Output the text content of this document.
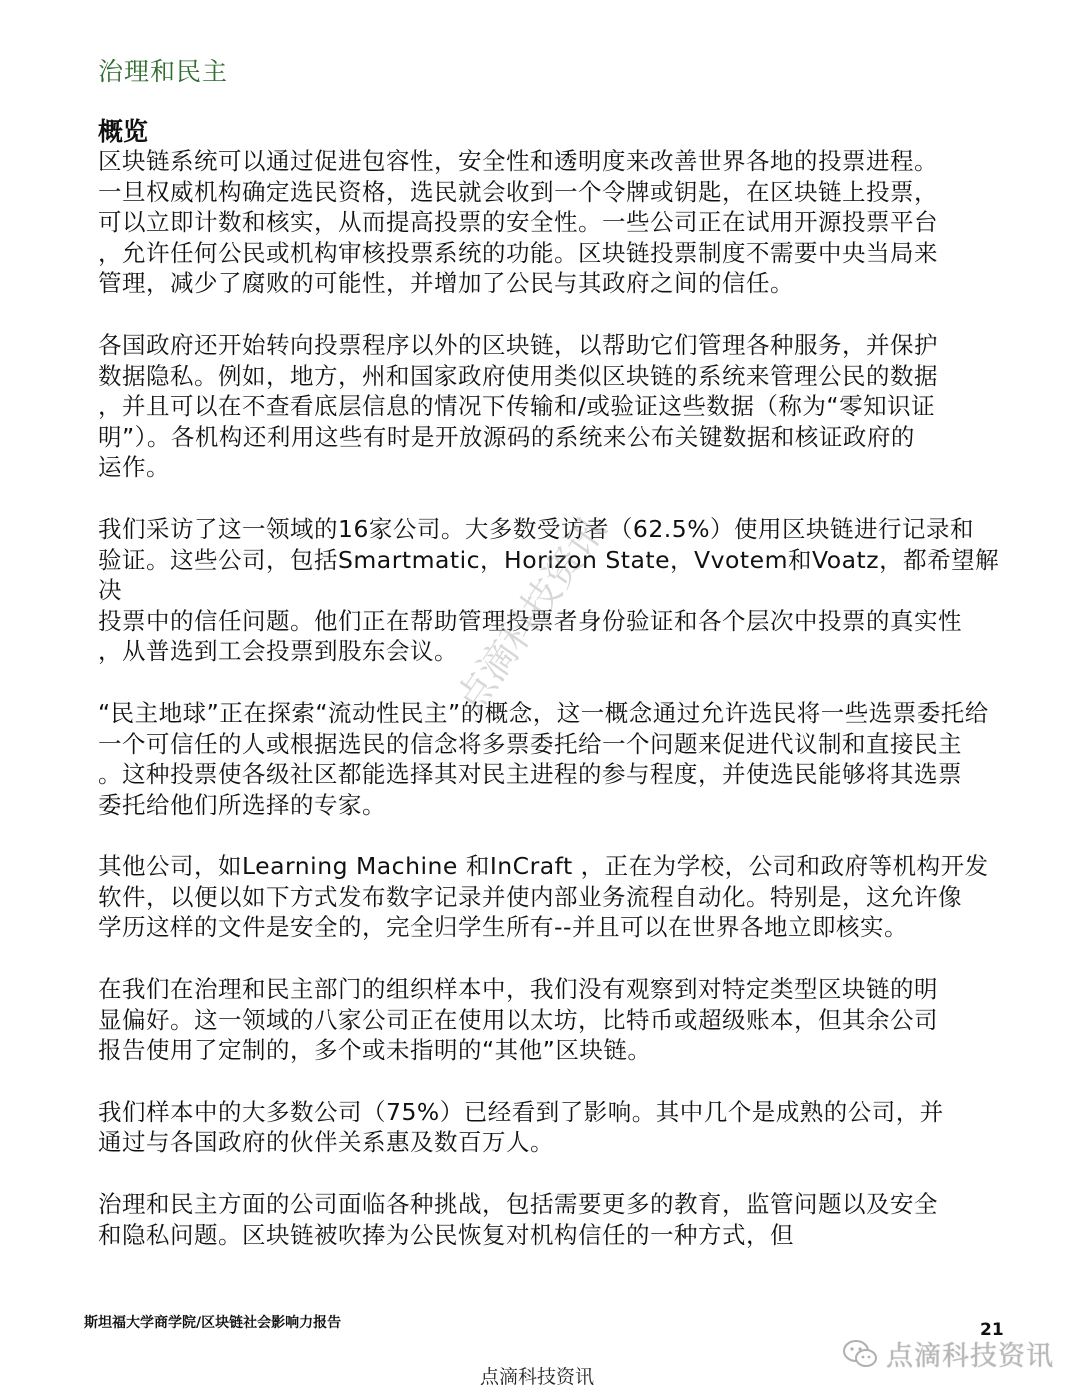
治理和民主
概览

区块链系统可以通过促进包容性，安全性和透明度来改善世界各地的投票进程。
一旦权威机构确定选民资格，选民就会收到一个令牌或钥匙，在区块链上投票，
可以立即计数和核实，从而提高投票的安全性。一些公司正在试用开源投票平台
，允许任何公民或机构审核投票系统的功能。区块链投票制度不需要中央当局来
管理，减少了腐败的可能性，并增加了公民与其政府之间的信任。

各国政府还开始转向投票程序以外的区块链，以帮助它们管理各种服务，并保护
数据隐私。例如，地方，州和国家政府使用类似区块链的系统来管理公民的数据
，并且可以在不查看底层信息的情况下传输和/或验证这些数据（称为“零知识证
明”）。各机构还利用这些有时是开放源码的系统来公布关键数据和核证政府的
运作。

我们采访了这一领域的16家公司。大多数受访者（62.5%）使用区块链进行记录和
验证。这些公司，包括Smartmatic，Horizon State，Vvotem和Voatz，都希望解决
投票中的信任问题。他们正在帮助管理投票者身份验证和各个层次中投票的真实性
，从普选到工会投票到股东会议。

“民主地球”正在探索“流动性民主”的概念，这一概念通过允许选民将一些选票委托给
一个可信任的人或根据选民的信念将多票委托给一个问题来促进代议制和直接民主
。这种投票使各级社区都能选择其对民主进程的参与程度，并使选民能够将其选票
委托给他们所选择的专家。

其他公司，如Learning Machine 和InCraft ，正在为学校，公司和政府等机构开发
软件，以便以如下方式发布数字记录并使内部业务流程自动化。特别是，这允许像
学历这样的文件是安全的，完全归学生所有--并且可以在世界各地立即核实。

在我们在治理和民主部门的组织样本中，我们没有观察到对特定类型区块链的明
显偏好。这一领域的八家公司正在使用以太坊，比特币或超级账本，但其余公司
报告使用了定制的，多个或未指明的“其他”区块链。

我们样本中的大多数公司（75%）已经看到了影响。其中几个是成熟的公司，并
通过与各国政府的伙伴关系惠及数百万人。

治理和民主方面的公司面临各种挑战，包括需要更多的教育，监管问题以及安全
和隐私问题。区块链被吹捧为公民恢复对机构信任的一种方式，但

点滴科技资讯
斯坦福大学商学院/区块链社会影响力报告	21
点滴科技资讯
点滴科技资讯
